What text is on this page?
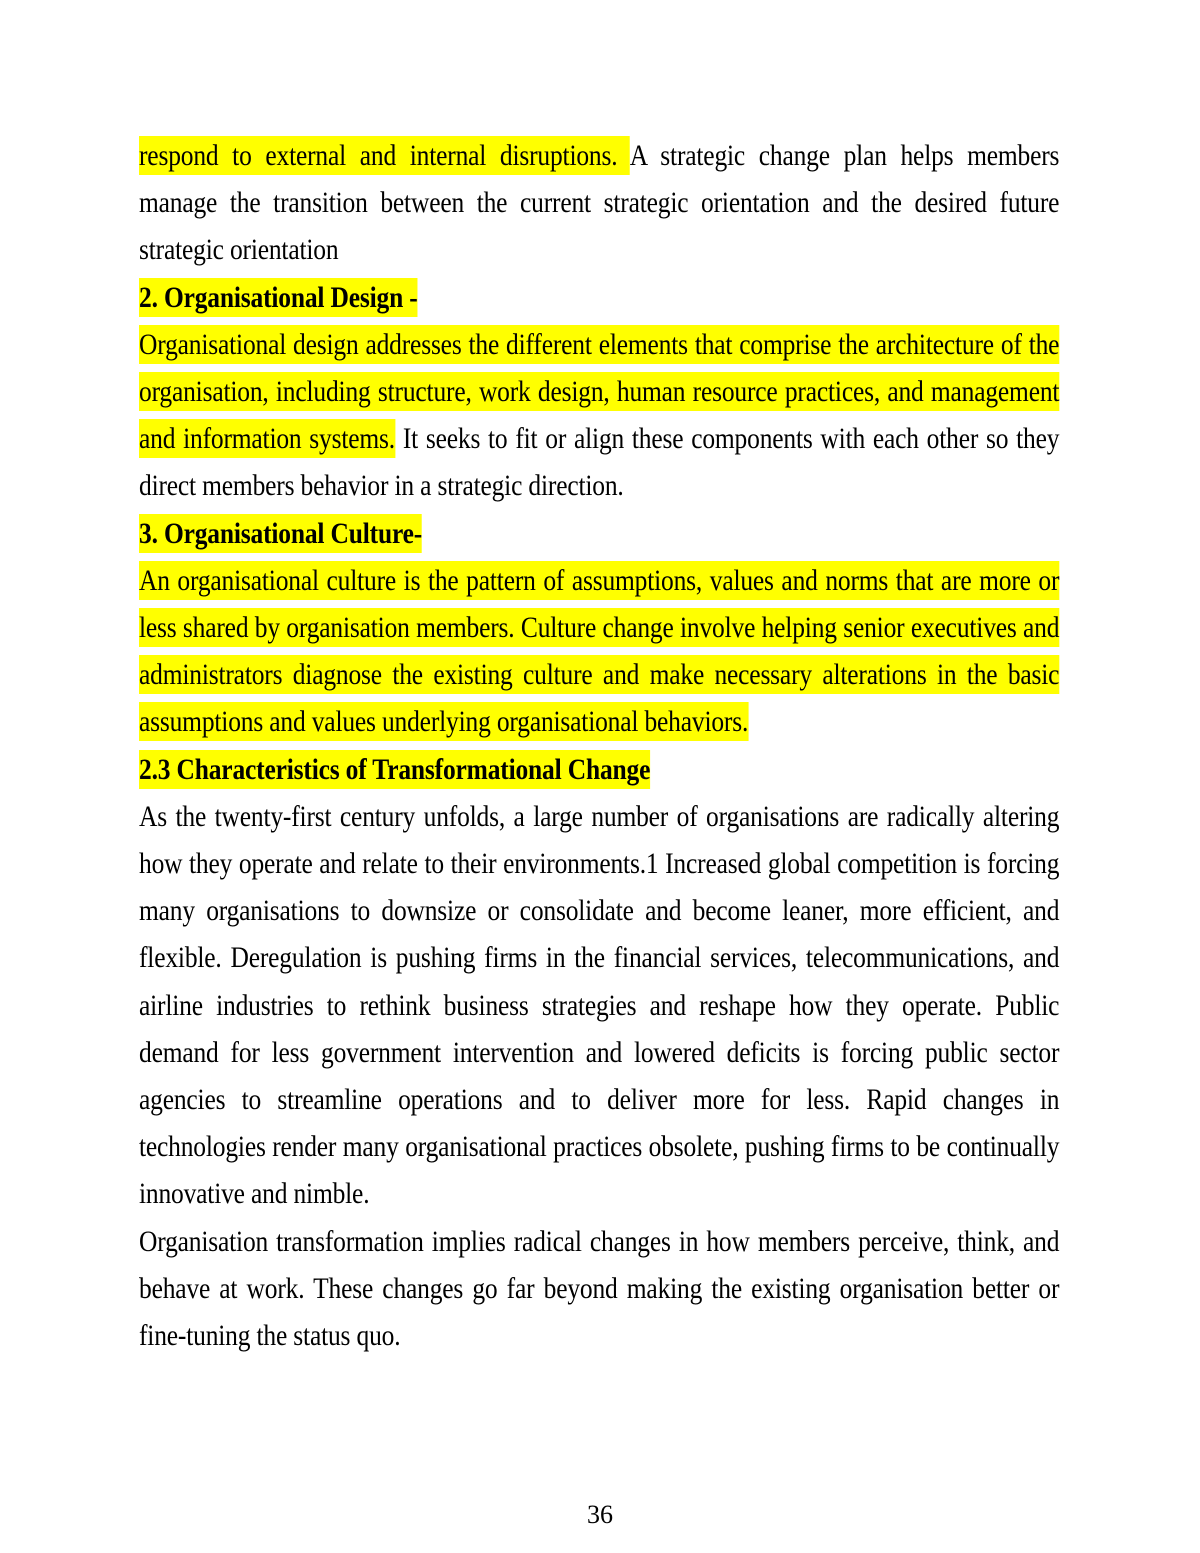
respond to external and internal disruptions. A strategic change plan helps members manage the transition between the current strategic orientation and the desired future strategic orientation
2. Organisational Design -
Organisational design addresses the different elements that comprise the architecture of the organisation, including structure, work design, human resource practices, and management and information systems. It seeks to fit or align these components with each other so they direct members behavior in a strategic direction.
3. Organisational Culture-
An organisational culture is the pattern of assumptions, values and norms that are more or less shared by organisation members. Culture change involve helping senior executives and administrators diagnose the existing culture and make necessary alterations in the basic assumptions and values underlying organisational behaviors.
2.3 Characteristics of Transformational Change
As the twenty-first century unfolds, a large number of organisations are radically altering how they operate and relate to their environments.1 Increased global competition is forcing many organisations to downsize or consolidate and become leaner, more efficient, and flexible. Deregulation is pushing firms in the financial services, telecommunications, and airline industries to rethink business strategies and reshape how they operate. Public demand for less government intervention and lowered deficits is forcing public sector agencies to streamline operations and to deliver more for less. Rapid changes in technologies render many organisational practices obsolete, pushing firms to be continually innovative and nimble.
Organisation transformation implies radical changes in how members perceive, think, and behave at work. These changes go far beyond making the existing organisation better or fine-tuning the status quo.
36
